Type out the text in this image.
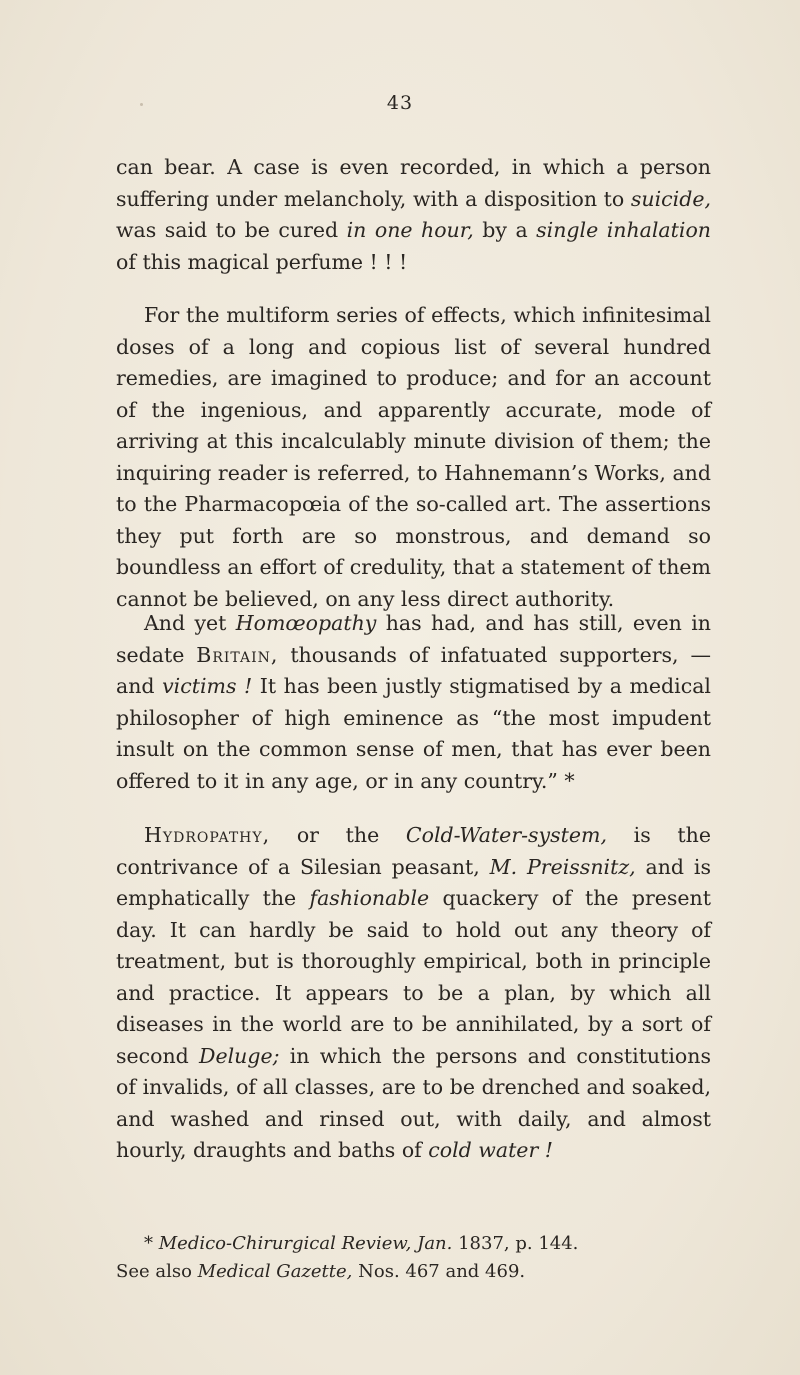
43

can bear. A case is even recorded, in which a person suffering under melancholy, with a disposition to suicide, was said to be cured in one hour, by a single inhalation of this magical perfume ! ! !

For the multiform series of effects, which infinitesimal doses of a long and copious list of several hundred remedies, are imagined to produce; and for an account of the ingenious, and apparently accurate, mode of arriving at this incalculably minute division of them; the inquiring reader is referred, to Hahnemann’s Works, and to the Pharmacopœia of the so-called art. The assertions they put forth are so monstrous, and demand so boundless an effort of credulity, that a statement of them cannot be believed, on any less direct authority.

And yet Homœopathy has had, and has still, even in sedate Britain, thousands of infatuated supporters, — and victims ! It has been justly stigmatised by a medical philosopher of high eminence as “the most impudent insult on the common sense of men, that has ever been offered to it in any age, or in any country.” *

Hydropathy, or the Cold-Water-system, is the contrivance of a Silesian peasant, M. Preissnitz, and is emphatically the fashionable quackery of the present day. It can hardly be said to hold out any theory of treatment, but is thoroughly empirical, both in principle and practice. It appears to be a plan, by which all diseases in the world are to be annihilated, by a sort of second Deluge; in which the persons and constitutions of invalids, of all classes, are to be drenched and soaked, and washed and rinsed out, with daily, and almost hourly, draughts and baths of cold water !

* Medico-Chirurgical Review, Jan. 1837, p. 144.
See also Medical Gazette, Nos. 467 and 469.
